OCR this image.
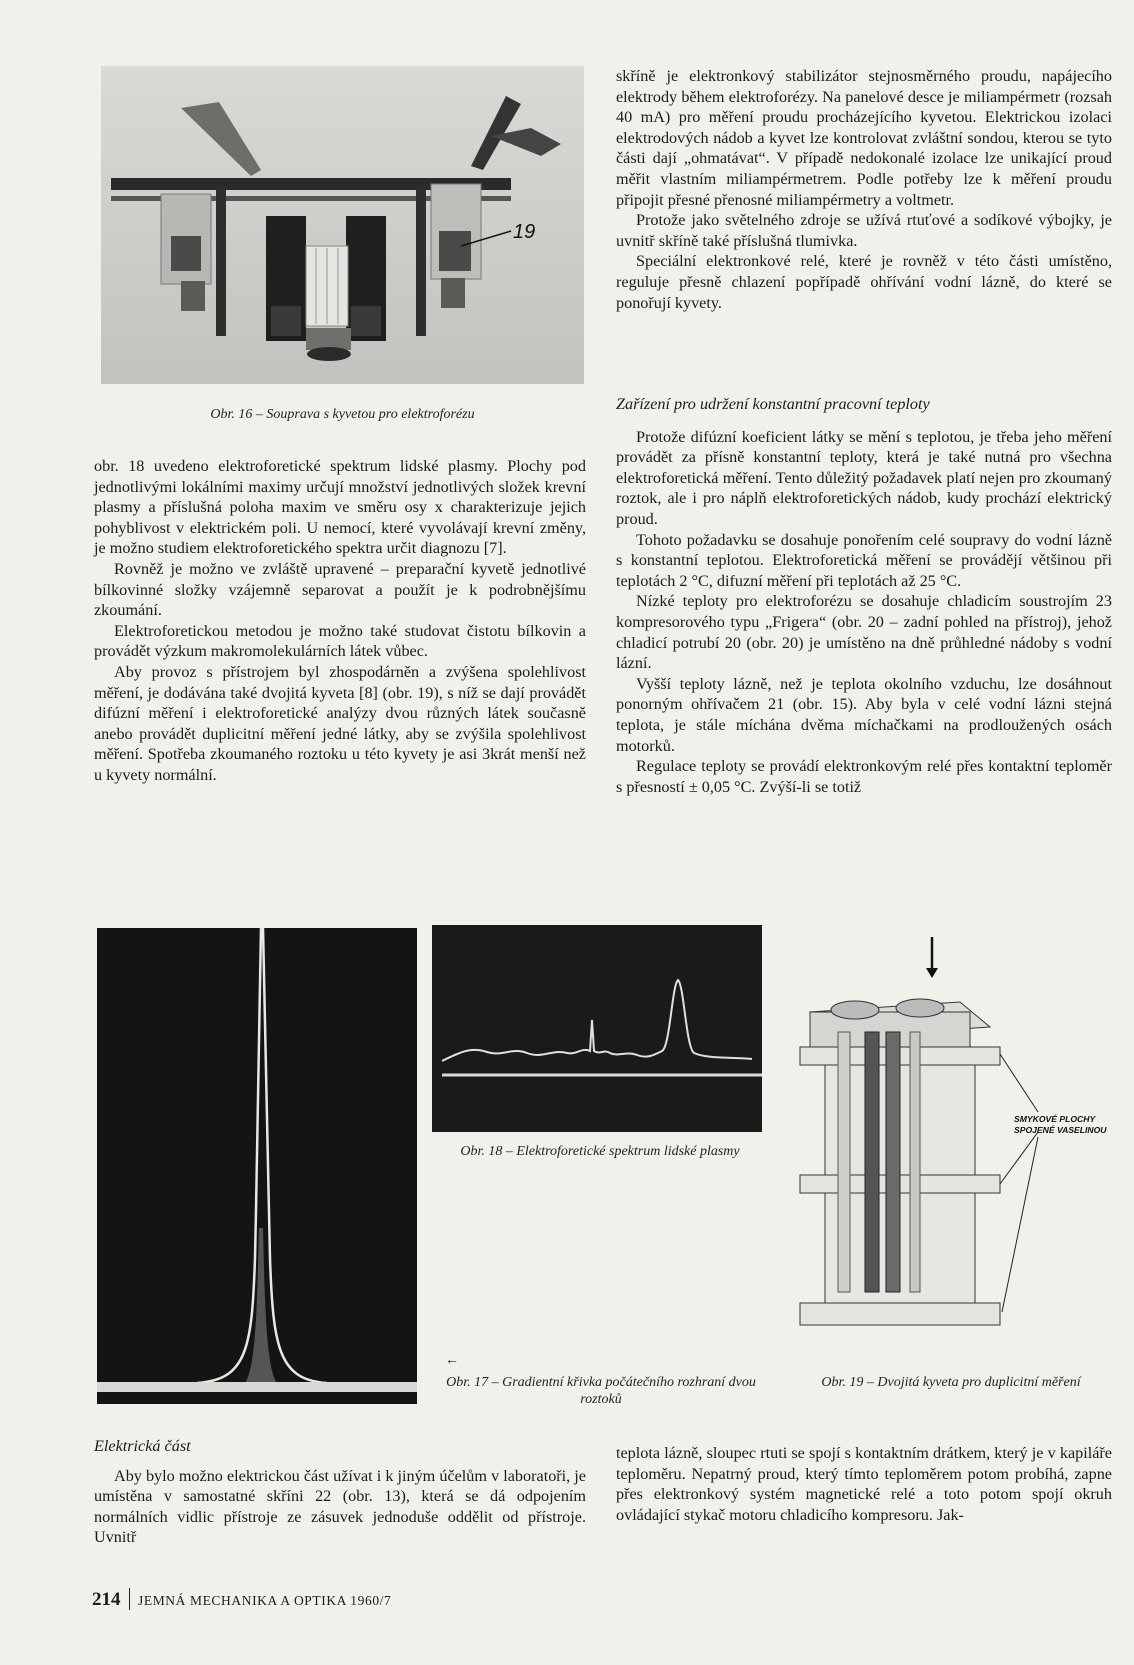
19
Obr. 16 – Souprava s kyvetou pro elektroforézu

obr. 18 uvedeno elektroforetické spektrum lidské plasmy. Plochy pod jednotlivými lokálními maximy určují množství jednotlivých složek krevní plasmy a příslušná poloha maxim ve směru osy x charakterizuje jejich pohyblivost v elektrickém poli. U nemocí, které vyvolávají krevní změny, je možno studiem elektroforetického spektra určit diagnozu [7].

Rovněž je možno ve zvláště upravené – preparační kyvetě jednotlivé bílkovinné složky vzájemně separovat a použít je k podrobnějšímu zkoumání.

Elektroforetickou metodou je možno také studovat čistotu bílkovin a provádět výzkum makromolekulárních látek vůbec.

Aby provoz s přístrojem byl zhospodárněn a zvýšena spolehlivost měření, je dodávána také dvojitá kyveta [8] (obr. 19), s níž se dají provádět difúzní měření i elektroforetické analýzy dvou různých látek současně anebo provádět duplicitní měření jedné látky, aby se zvýšila spolehlivost měření. Spotřeba zkoumaného roztoku u této kyvety je asi 3krát menší než u kyvety normální.

skříně je elektronkový stabilizátor stejnosměrného proudu, napájecího elektrody během elektroforézy. Na panelové desce je miliampérmetr (rozsah 40 mA) pro měření proudu procházejícího kyvetou. Elektrickou izolaci elektrodových nádob a kyvet lze kontrolovat zvláštní sondou, kterou se tyto části dají „ohmatávat“. V případě nedokonalé izolace lze unikající proud měřit vlastním miliampérmetrem. Podle potřeby lze k měření proudu připojit přesné přenosné miliampérmetry a voltmetr.

Protože jako světelného zdroje se užívá rtuťové a sodíkové výbojky, je uvnitř skříně také příslušná tlumivka.

Speciální elektronkové relé, které je rovněž v této části umístěno, reguluje přesně chlazení popřípadě ohřívání vodní lázně, do které se ponořují kyvety.

Zařízení pro udržení konstantní pracovní teploty

Protože difúzní koeficient látky se mění s teplotou, je třeba jeho měření provádět za přísně konstantní teploty, která je také nutná pro všechna elektroforetická měření. Tento důležitý požadavek platí nejen pro zkoumaný roztok, ale i pro náplň elektroforetických nádob, kudy prochází elektrický proud.

Tohoto požadavku se dosahuje ponořením celé soupravy do vodní lázně s konstantní teplotou. Elektroforetická měření se provádějí většinou při teplotách 2 °C, difuzní měření při teplotách až 25 °C.

Nízké teploty pro elektroforézu se dosahuje chladicím soustrojím 23 kompresorového typu „Frigera“ (obr. 20 – zadní pohled na přístroj), jehož chladicí potrubí 20 (obr. 20) je umístěno na dně průhledné nádoby s vodní lázní.

Vyšší teploty lázně, než je teplota okolního vzduchu, lze dosáhnout ponorným ohřívačem 21 (obr. 15). Aby byla v celé vodní lázni stejná teplota, je stále míchána dvěma míchačkami na prodloužených osách motorků.

Regulace teploty se provádí elektronkovým relé přes kontaktní teploměr s přesností ± 0,05 °C. Zvýší-li se totiž

Obr. 18 – Elektroforetické spektrum lidské plasmy
SMYKOVÉ PLOCHY
SPOJENÉ VASELINOU
←
Obr. 17 – Gradientní křivka počátečního rozhraní dvou roztoků
Obr. 19 – Dvojitá kyveta pro duplicitní měření
Elektrická část

Aby bylo možno elektrickou část užívat i k jiným účelům v laboratoři, je umístěna v samostatné skříni 22 (obr. 13), která se dá odpojením normálních vidlic přístroje ze zásuvek jednoduše oddělit od přístroje. Uvnitř

teplota lázně, sloupec rtuti se spojí s kontaktním drátkem, který je v kapiláře teploměru. Nepatrný proud, který tímto teploměrem potom probíhá, zapne přes elektronkový systém magnetické relé a toto potom spojí okruh ovládající stykač motoru chladicího kompresoru. Jak-

214 JEMNÁ MECHANIKA A OPTIKA 1960/7
